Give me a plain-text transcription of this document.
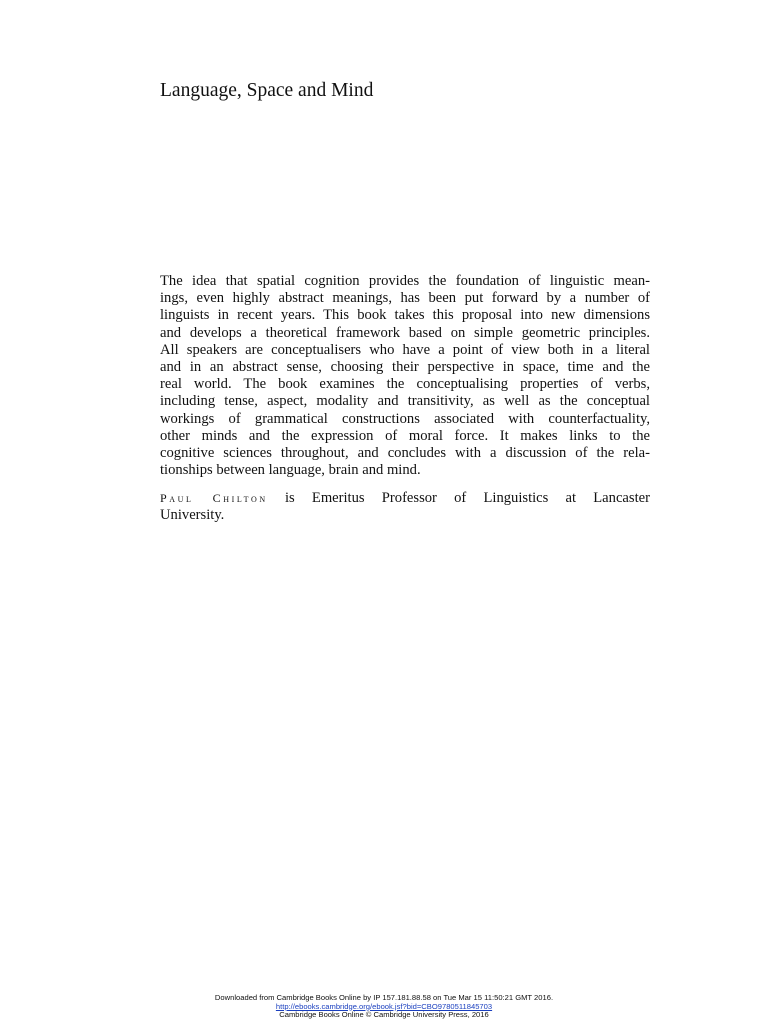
Language, Space and Mind
The idea that spatial cognition provides the foundation of linguistic mean-
ings, even highly abstract meanings, has been put forward by a number of
linguists in recent years. This book takes this proposal into new dimensions
and develops a theoretical framework based on simple geometric principles.
All speakers are conceptualisers who have a point of view both in a literal
and in an abstract sense, choosing their perspective in space, time and the
real world. The book examines the conceptualising properties of verbs,
including tense, aspect, modality and transitivity, as well as the conceptual
workings of grammatical constructions associated with counterfactuality,
other minds and the expression of moral force. It makes links to the
cognitive sciences throughout, and concludes with a discussion of the rela-
tionships between language, brain and mind.
Paul Chilton is Emeritus Professor of Linguistics at Lancaster
University.
Downloaded from Cambridge Books Online by IP 157.181.88.58 on Tue Mar 15 11:50:21 GMT 2016.
http://ebooks.cambridge.org/ebook.jsf?bid=CBO9780511845703
Cambridge Books Online © Cambridge University Press, 2016
